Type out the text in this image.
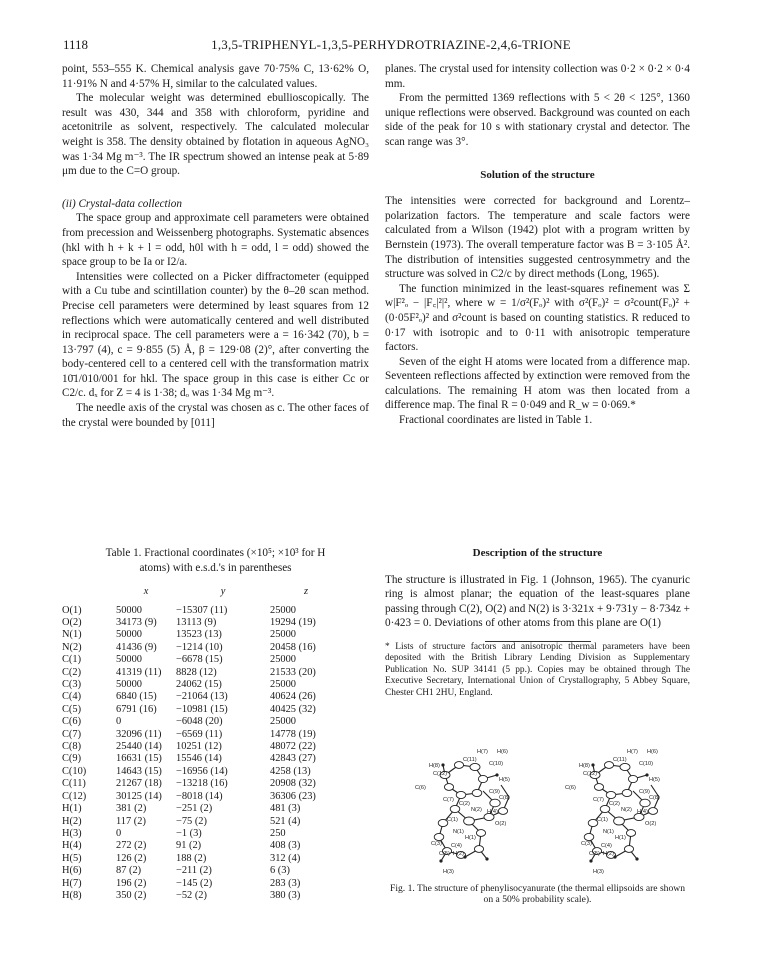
1118	1,3,5-TRIPHENYL-1,3,5-PERHYDROTRIAZINE-2,4,6-TRIONE

point, 553–555 K. Chemical analysis gave 70·75% C, 13·62% O, 11·91% N and 4·57% H, similar to the calculated values.

The molecular weight was determined ebullioscopically. The result was 430, 344 and 358 with chloroform, pyridine and acetonitrile as solvent, respectively. The calculated molecular weight is 358. The density obtained by flotation in aqueous AgNO₃ was 1·34 Mg m⁻³. The IR spectrum showed an intense peak at 5·89 μm due to the C=O group.

(ii) Crystal-data collection

The space group and approximate cell parameters were obtained from precession and Weissenberg photographs. Systematic absences (hkl with h + k + l = odd, h0l with h = odd, l = odd) showed the space group to be Ia or I2/a.

Intensities were collected on a Picker diffractometer (equipped with a Cu tube and scintillation counter) by the θ–2θ scan method. Precise cell parameters were determined by least squares from 12 reflections which were automatically centered and well distributed in reciprocal space. The cell parameters were a = 16·342 (70), b = 13·797 (4), c = 9·855 (5) Å, β = 129·08 (2)°, after converting the body-centered cell to a centered cell with the transformation matrix 10̄1/010/001 for hkl. The space group in this case is either Cc or C2/c. dₓ for Z = 4 is 1·38; dₒ was 1·34 Mg m⁻³.

The needle axis of the crystal was chosen as c. The other faces of the crystal were bounded by [011]

planes. The crystal used for intensity collection was 0·2 × 0·2 × 0·4 mm.

From the permitted 1369 reflections with 5 < 2θ < 125°, 1360 unique reflections were observed. Background was counted on each side of the peak for 10 s with stationary crystal and detector. The scan range was 3°.

Solution of the structure

The intensities were corrected for background and Lorentz–polarization factors. The temperature and scale factors were calculated from a Wilson (1942) plot with a program written by Bernstein (1973). The overall temperature factor was B = 3·105 Å². The distribution of intensities suggested centrosymmetry and the structure was solved in C2/c by direct methods (Long, 1965).

The function minimized in the least-squares refinement was Σ w|F²ₒ − |F꜀|²|², where w = 1/σ²(Fₒ)² with σ²(Fₒ)² = σ²count(Fₒ)² + (0·05F²ₒ)² and σ²count is based on counting statistics. R reduced to 0·17 with isotropic and to 0·11 with anisotropic temperature factors.

Seven of the eight H atoms were located from a difference map. Seventeen reflections affected by extinction were removed from the calculations. The remaining H atom was then located from a difference map. The final R = 0·049 and R_w = 0·069.*

Fractional coordinates are listed in Table 1.

Table 1. Fractional coordinates (×10⁵; ×10³ for H
atoms) with e.s.d.'s in parentheses
	x	y	z
O(1)	50000	−15307 (11)	25000
O(2)	34173 (9)	13113 (9)	19294 (19)
N(1)	50000	13523 (13)	25000
N(2)	41436 (9)	−1214 (10)	20458 (16)
C(1)	50000	−6678 (15)	25000
C(2)	41319 (11)	8828 (12)	21533 (20)
C(3)	50000	24062 (15)	25000
C(4)	6840 (15)	−21064 (13)	40624 (26)
C(5)	6791 (16)	−10981 (15)	40425 (32)
C(6)	0	−6048 (20)	25000
C(7)	32096 (11)	−6569 (11)	14778 (19)
C(8)	25440 (14)	10251 (12)	48072 (22)
C(9)	16631 (15)	15546 (14)	42843 (27)
C(10)	14643 (15)	−16956 (14)	4258 (13)
C(11)	21267 (18)	−13218 (16)	20908 (32)
C(12)	30125 (14)	−8018 (14)	36306 (23)
H(1)	381 (2)	−251 (2)	481 (3)
H(2)	117 (2)	−75 (2)	521 (4)
H(3)	0	−1 (3)	250
H(4)	272 (2)	91 (2)	408 (3)
H(5)	126 (2)	188 (2)	312 (4)
H(6)	87 (2)	−211 (2)	6 (3)
H(7)	196 (2)	−145 (2)	283 (3)
H(8)	350 (2)	−52 (2)	380 (3)

Description of the structure

The structure is illustrated in Fig. 1 (Johnson, 1965). The cyanuric ring is almost planar; the equation of the least-squares plane passing through C(2), O(2) and N(2) is 3·321x + 9·731y − 8·734z + 0·423 = 0. Deviations of other atoms from this plane are O(1)

* Lists of structure factors and anisotropic thermal parameters have been deposited with the British Library Lending Division as Supplementary Publication No. SUP 34141 (5 pp.). Copies may be obtained through The Executive Secretary, International Union of Crystallography, 5 Abbey Square, Chester CH1 2HU, England.

H(7) H(6)
C(11)
C(10)
H(8)
C(12)
H(5)
C(6)
C(7)
C(9)
C(8)
C(2)
N(2) H(4)
C(1)
O(2)
N(1)
H(1)
C(3) C(4)
C(5) H(2)
H(3)
H(7) H(6)
C(11)
C(10)
H(8)
C(12)
H(5)
C(6)
C(7)
C(9)
C(8)
C(2)
N(2) H(4)
C(1)
O(2)
N(1)
H(1)
C(3) C(4)
C(5) H(2)
H(3)

Fig. 1. The structure of phenylisocyanurate (the thermal ellipsoids are shown on a 50% probability scale).
